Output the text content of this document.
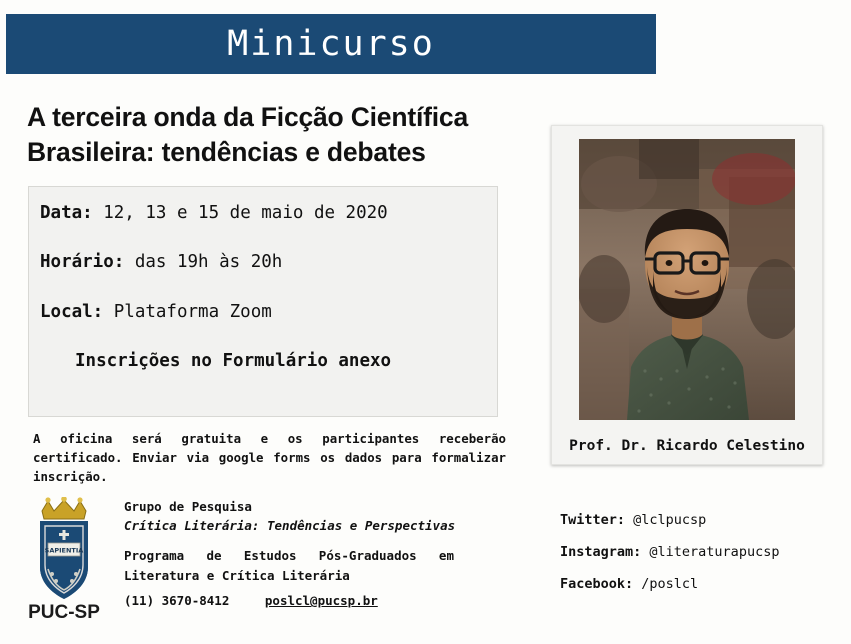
Minicurso
A terceira onda da Ficção Científica Brasileira: tendências e debates
Data: 12, 13 e 15 de maio de 2020
Horário: das 19h às 20h
Local: Plataforma Zoom
Inscrições no Formulário anexo
A oficina será gratuita e os participantes receberão certificado. Enviar via google forms os dados para formalizar inscrição.
Prof. Dr. Ricardo Celestino
SAPIENTIA
PUC-SP
Grupo de Pesquisa
Crítica Literária: Tendências e Perspectivas
Programa de Estudos Pós-Graduados em Literatura e Crítica Literária
(11) 3670-8412	poslcl@pucsp.br
Twitter: @lclpucsp
Instagram: @literaturapucsp
Facebook: /poslcl
